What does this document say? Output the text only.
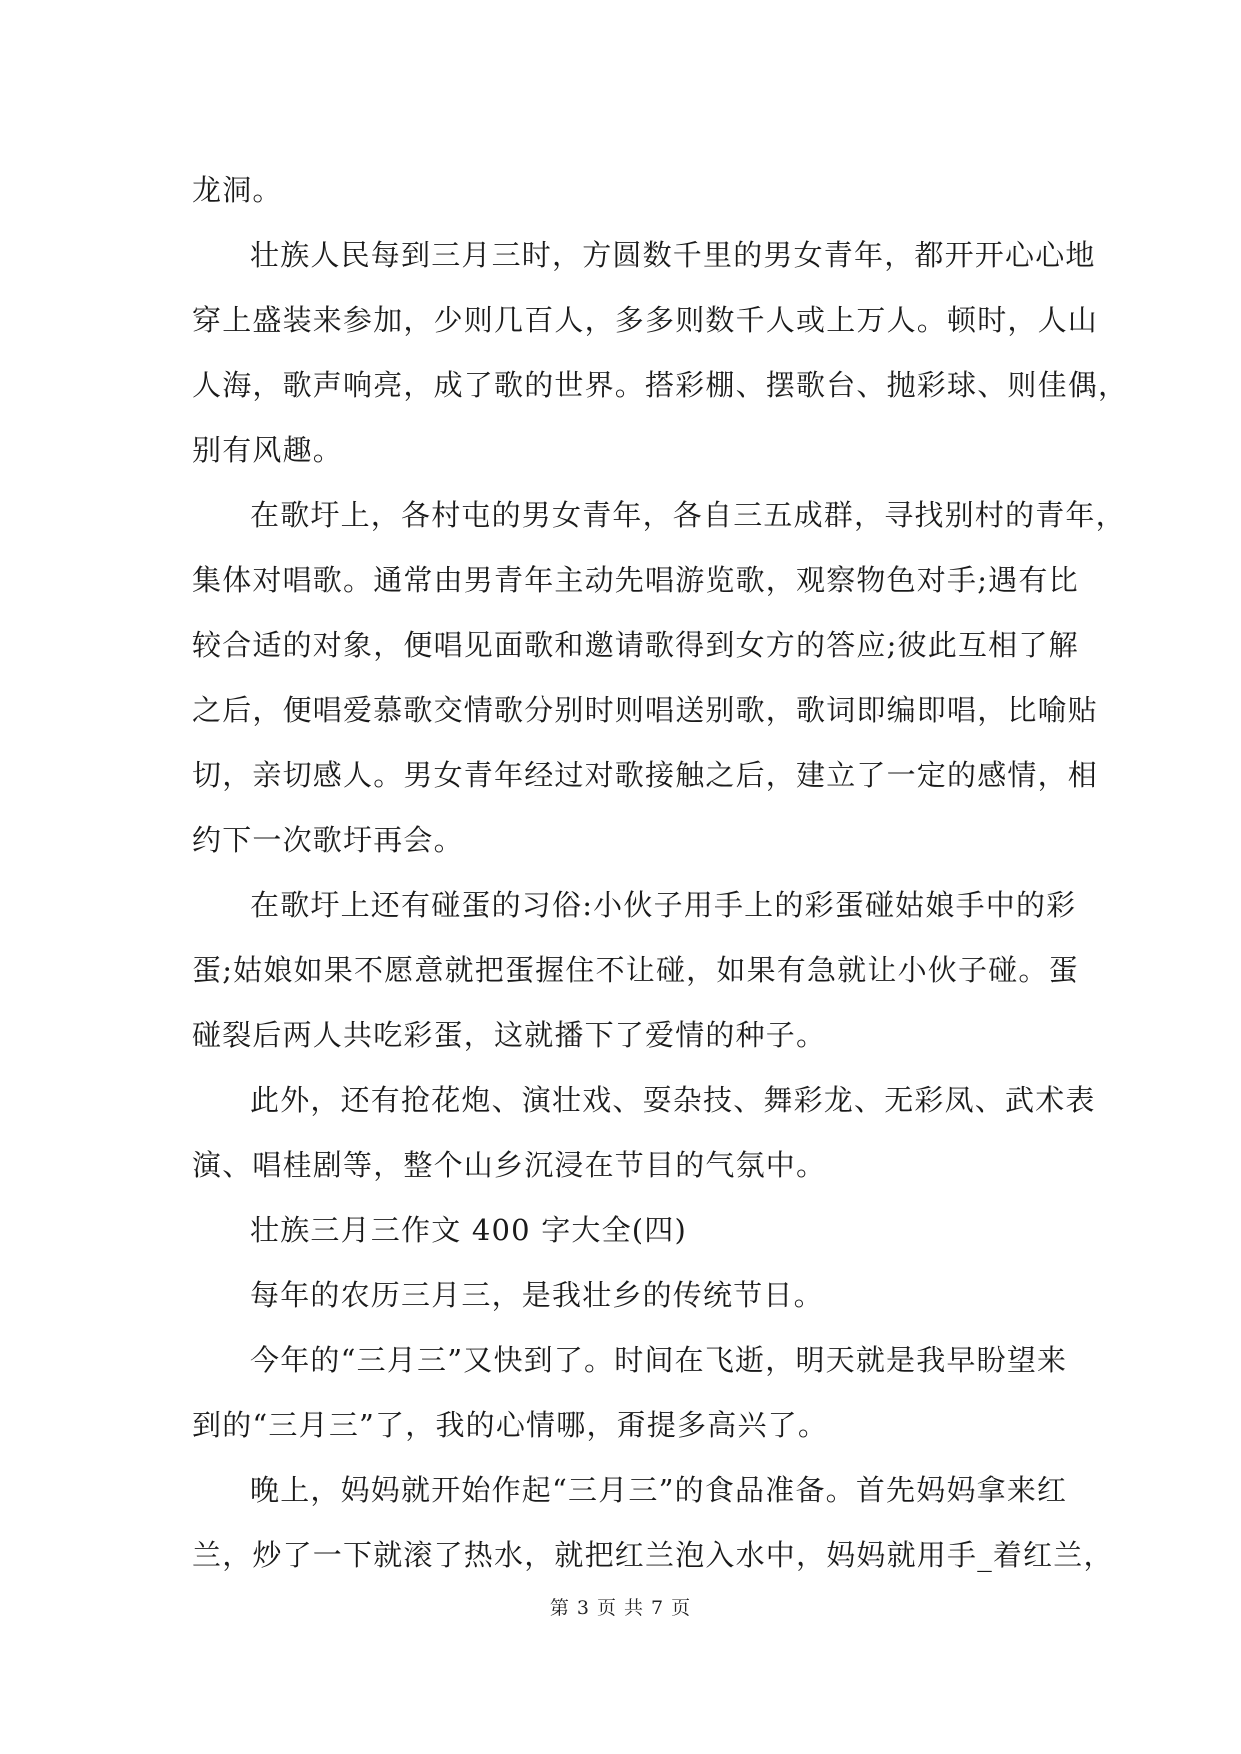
龙洞。
壮族人民每到三月三时，方圆数千里的男女青年，都开开心心地
穿上盛装来参加，少则几百人，多多则数千人或上万人。顿时，人山
人海，歌声响亮，成了歌的世界。搭彩棚、摆歌台、抛彩球、则佳偶，
别有风趣。
在歌圩上，各村屯的男女青年，各自三五成群，寻找别村的青年，
集体对唱歌。通常由男青年主动先唱游览歌，观察物色对手;遇有比
较合适的对象，便唱见面歌和邀请歌得到女方的答应;彼此互相了解
之后，便唱爱慕歌交情歌分别时则唱送别歌，歌词即编即唱，比喻贴
切，亲切感人。男女青年经过对歌接触之后，建立了一定的感情，相
约下一次歌圩再会。
在歌圩上还有碰蛋的习俗:小伙子用手上的彩蛋碰姑娘手中的彩
蛋;姑娘如果不愿意就把蛋握住不让碰，如果有急就让小伙子碰。蛋
碰裂后两人共吃彩蛋，这就播下了爱情的种子。
此外，还有抢花炮、演壮戏、耍杂技、舞彩龙、无彩凤、武术表
演、唱桂剧等，整个山乡沉浸在节目的气氛中。
壮族三月三作文 400 字大全(四)
每年的农历三月三，是我壮乡的传统节日。
今年的“三月三”又快到了。时间在飞逝，明天就是我早盼望来
到的“三月三”了，我的心情哪，甭提多高兴了。
晚上，妈妈就开始作起“三月三”的食品准备。首先妈妈拿来红
兰，炒了一下就滚了热水，就把红兰泡入水中，妈妈就用手_着红兰，
第 3 页 共 7 页
